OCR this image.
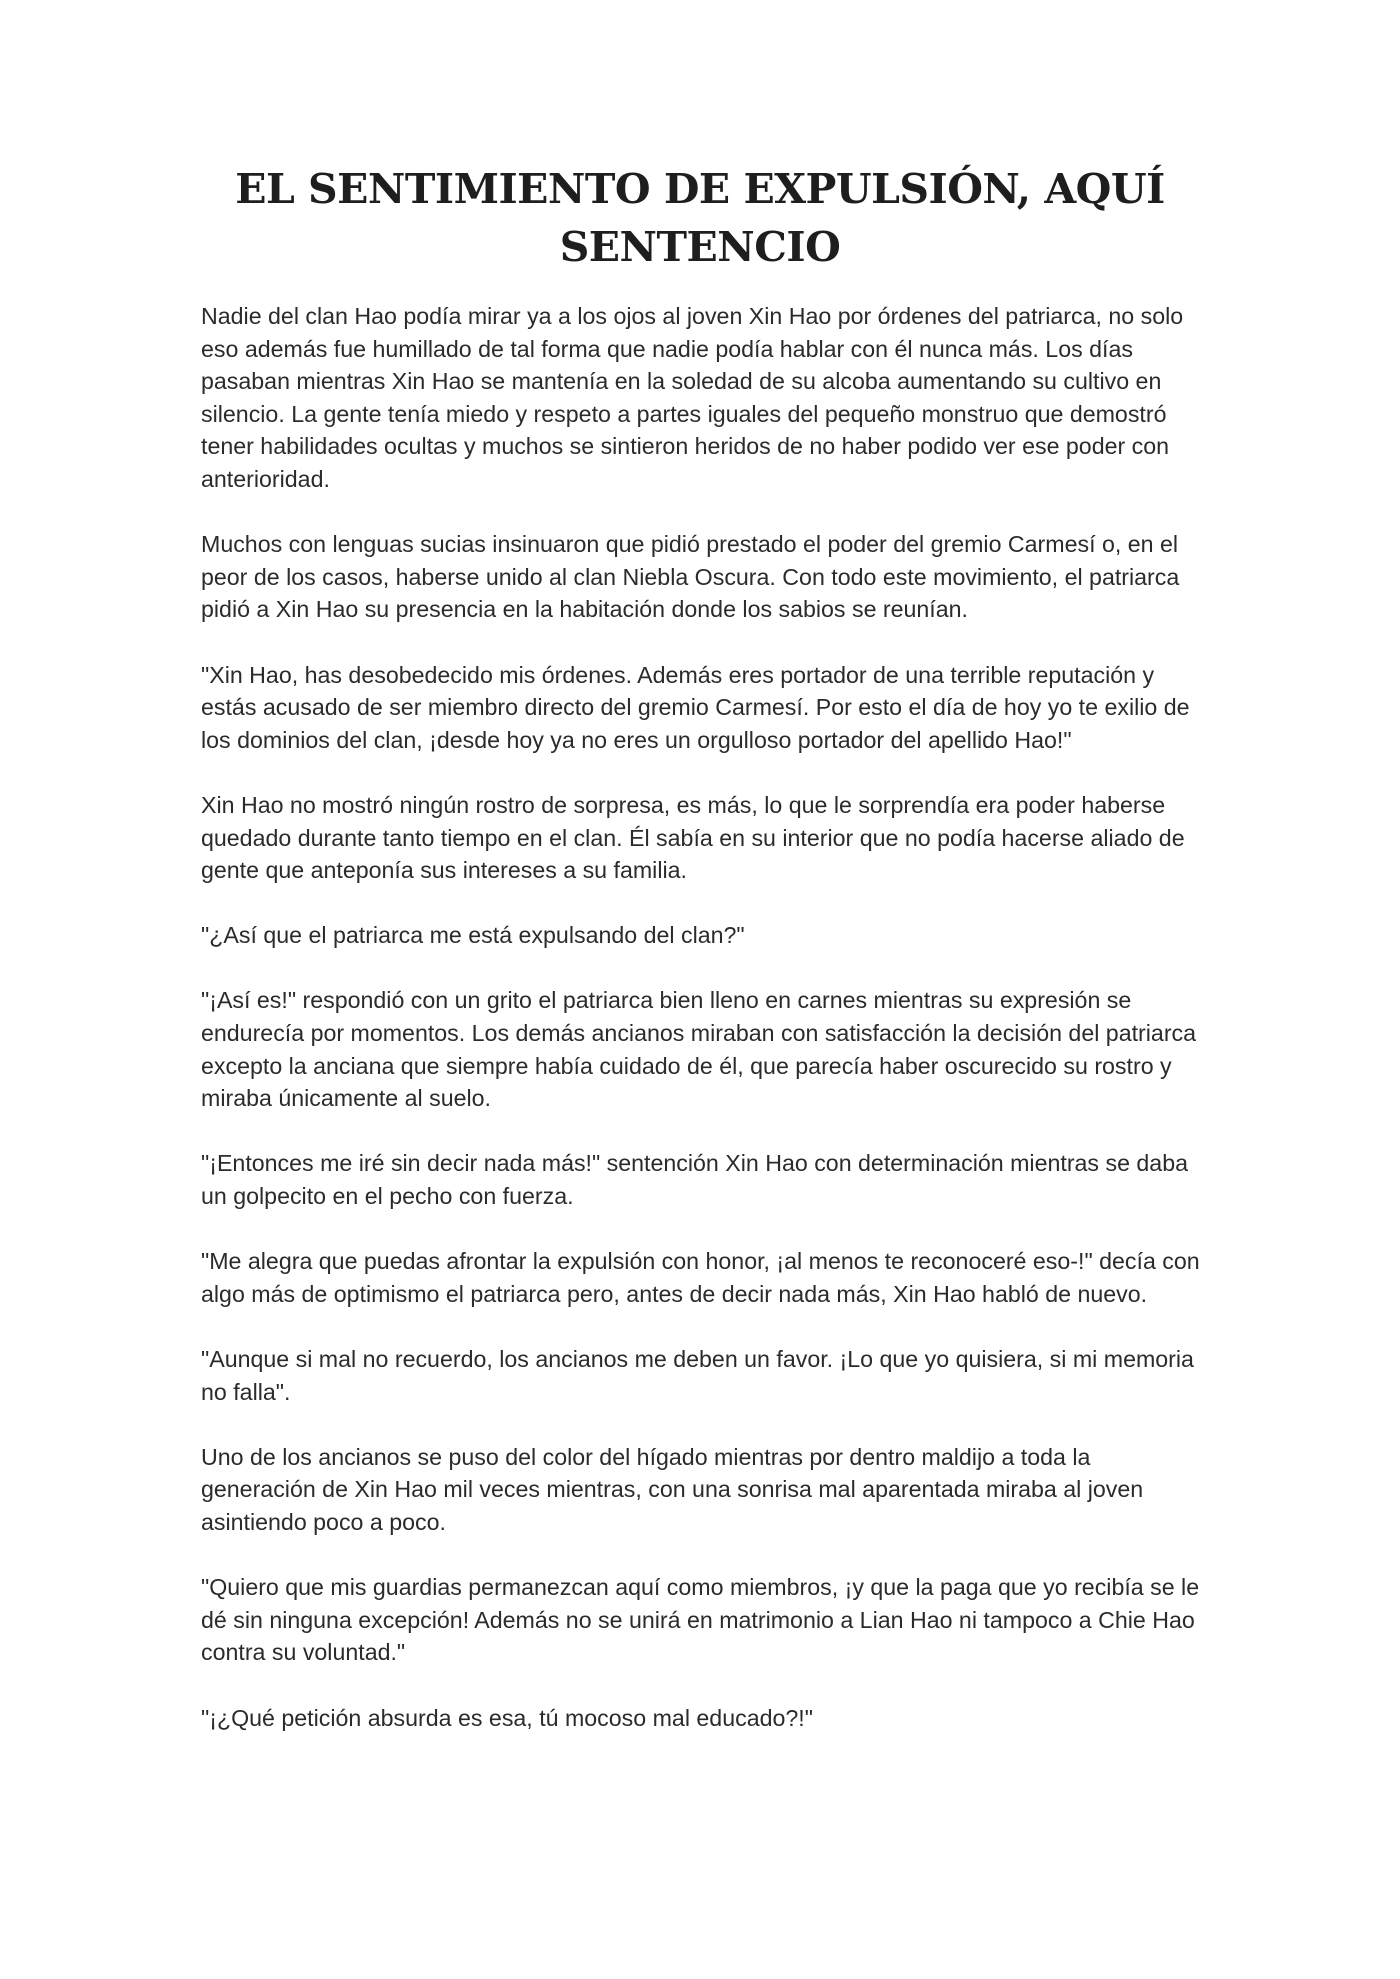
EL SENTIMIENTO DE EXPULSIÓN, AQUÍ
SENTENCIO

Nadie del clan Hao podía mirar ya a los ojos al joven Xin Hao por órdenes del patriarca, no solo eso además fue humillado de tal forma que nadie podía hablar con él nunca más. Los días pasaban mientras Xin Hao se mantenía en la soledad de su alcoba aumentando su cultivo en silencio. La gente tenía miedo y respeto a partes iguales del pequeño monstruo que demostró tener habilidades ocultas y muchos se sintieron heridos de no haber podido ver ese poder con anterioridad.

Muchos con lenguas sucias insinuaron que pidió prestado el poder del gremio Carmesí o, en el peor de los casos, haberse unido al clan Niebla Oscura. Con todo este movimiento, el patriarca pidió a Xin Hao su presencia en la habitación donde los sabios se reunían.

"Xin Hao, has desobedecido mis órdenes. Además eres portador de una terrible reputación y estás acusado de ser miembro directo del gremio Carmesí. Por esto el día de hoy yo te exilio de los dominios del clan, ¡desde hoy ya no eres un orgulloso portador del apellido Hao!"

Xin Hao no mostró ningún rostro de sorpresa, es más, lo que le sorprendía era poder haberse quedado durante tanto tiempo en el clan. Él sabía en su interior que no podía hacerse aliado de gente que anteponía sus intereses a su familia.

"¿Así que el patriarca me está expulsando del clan?"

"¡Así es!" respondió con un grito el patriarca bien lleno en carnes mientras su expresión se endurecía por momentos. Los demás ancianos miraban con satisfacción la decisión del patriarca excepto la anciana que siempre había cuidado de él, que parecía haber oscurecido su rostro y miraba únicamente al suelo.

"¡Entonces me iré sin decir nada más!" sentención Xin Hao con determinación mientras se daba un golpecito en el pecho con fuerza.

"Me alegra que puedas afrontar la expulsión con honor, ¡al menos te reconoceré eso-!" decía con algo más de optimismo el patriarca pero, antes de decir nada más, Xin Hao habló de nuevo.

"Aunque si mal no recuerdo, los ancianos me deben un favor. ¡Lo que yo quisiera, si mi memoria no falla".

Uno de los ancianos se puso del color del hígado mientras por dentro maldijo a toda la generación de Xin Hao mil veces mientras, con una sonrisa mal aparentada miraba al joven asintiendo poco a poco.

"Quiero que mis guardias permanezcan aquí como miembros, ¡y que la paga que yo recibía se le dé sin ninguna excepción! Además no se unirá en matrimonio a Lian Hao ni tampoco a Chie Hao contra su voluntad."

"¡¿Qué petición absurda es esa, tú mocoso mal educado?!"
